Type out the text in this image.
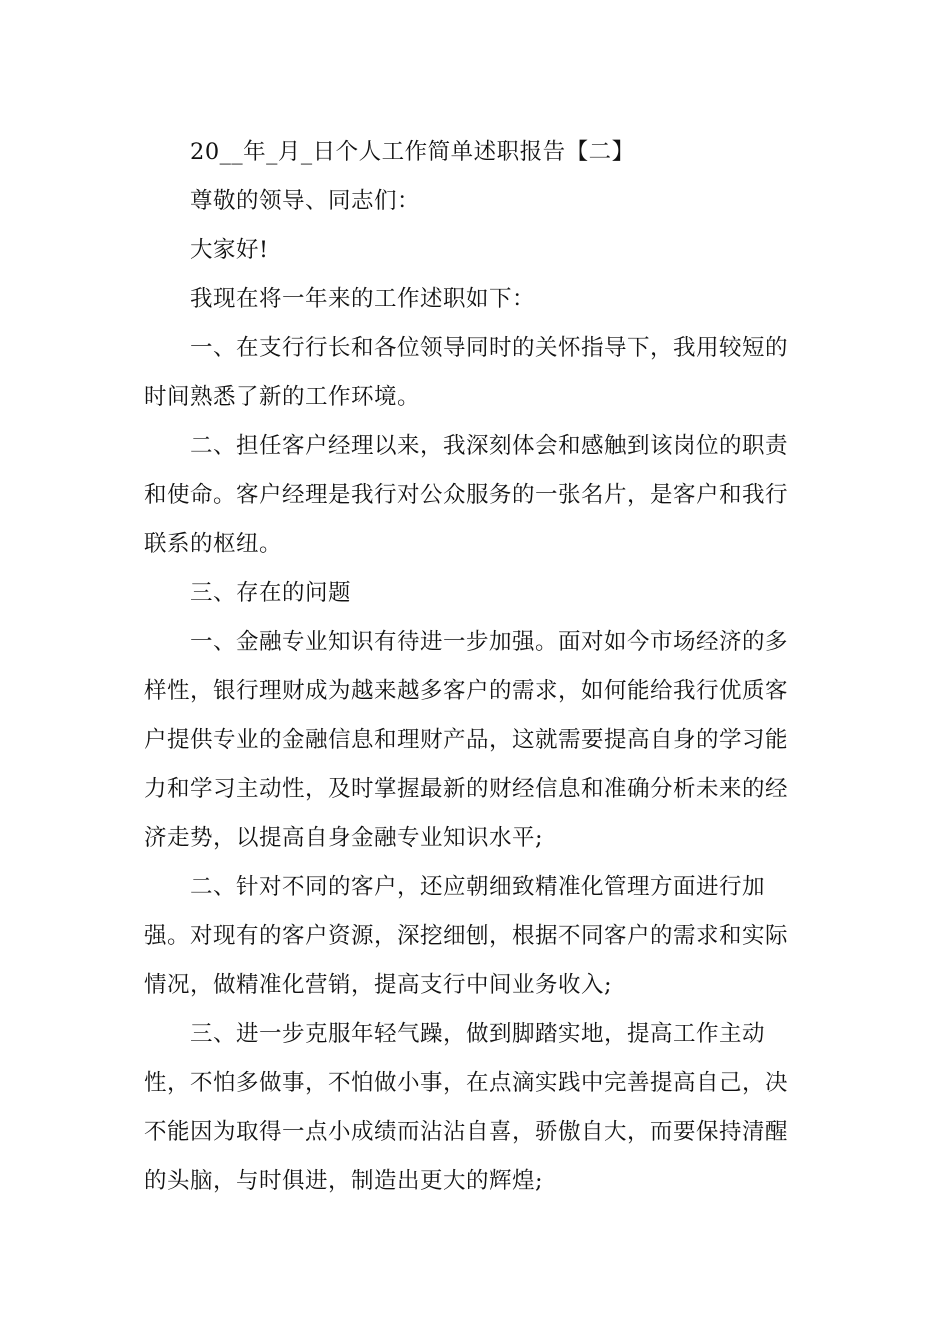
20__年_月_日个人工作简单述职报告【二】

尊敬的领导、同志们：

大家好!

我现在将一年来的工作述职如下：

一、在支行行长和各位领导同时的关怀指导下，我用较短的时间熟悉了新的工作环境。

二、担任客户经理以来，我深刻体会和感触到该岗位的职责和使命。客户经理是我行对公众服务的一张名片，是客户和我行联系的枢纽。

三、存在的问题

一、金融专业知识有待进一步加强。面对如今市场经济的多样性，银行理财成为越来越多客户的需求，如何能给我行优质客户提供专业的金融信息和理财产品，这就需要提高自身的学习能力和学习主动性，及时掌握最新的财经信息和准确分析未来的经济走势，以提高自身金融专业知识水平;

二、针对不同的客户，还应朝细致精准化管理方面进行加强。对现有的客户资源，深挖细刨，根据不同客户的需求和实际情况，做精准化营销，提高支行中间业务收入;

三、进一步克服年轻气躁，做到脚踏实地，提高工作主动性，不怕多做事，不怕做小事，在点滴实践中完善提高自己，决不能因为取得一点小成绩而沾沾自喜，骄傲自大，而要保持清醒的头脑，与时俱进，制造出更大的辉煌;
